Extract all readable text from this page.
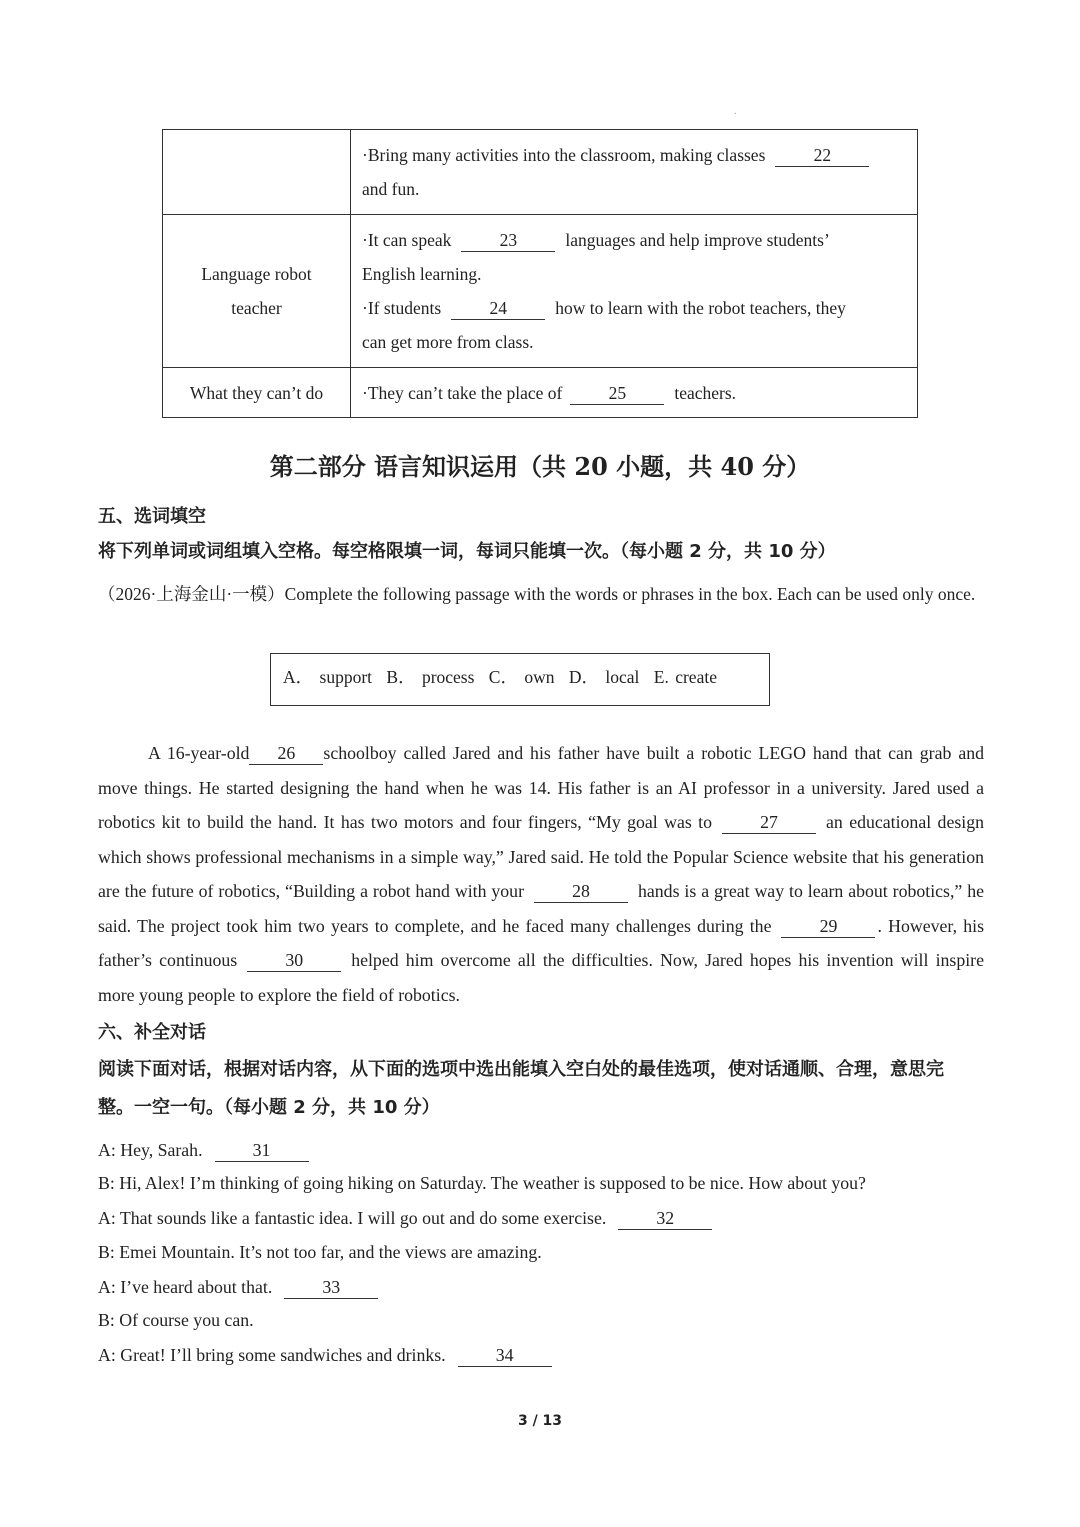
.
	·Bring many activities into the classroom, making classes 22
and fun.
Language robot
teacher	·It can speak 23 languages and help improve students’
English learning.
·If students 24 how to learn with the robot teachers, they
can get more from class.
What they can’t do	·They can’t take the place of 25 teachers.
第二部分 语言知识运用（共 20 小题，共 40 分）
五、选词填空
将下列单词或词组填入空格。每空格限填一词，每词只能填一次。（每小题 2 分，共 10 分）
（2026·上海金山·一模）Complete the following passage with the words or phrases in the box. Each can be used only once.
A． support B． process C． own D． local E. create
A 16-year-old 26 schoolboy called Jared and his father have built a robotic LEGO hand that can grab and move things. He started designing the hand when he was 14. His father is an AI professor in a university. Jared used a robotics kit to build the hand. It has two motors and four fingers, “My goal was to	27	an educational design which shows professional mechanisms in a simple way,” Jared said. He told the Popular Science website that his generation are the future of robotics, “Building a robot hand with your	28	hands is a great way to learn about robotics,” he said. The project took him two years to complete, and he faced many challenges during the	29 . However, his father’s continuous	30	helped him overcome all the difficulties. Now, Jared hopes his invention will inspire more young people to explore the field of robotics.
六、补全对话
阅读下面对话，根据对话内容，从下面的选项中选出能填入空白处的最佳选项，使对话通顺、合理，意思完整。一空一句。（每小题 2 分，共 10 分）
A: Hey, Sarah.	31
B: Hi, Alex! I’m thinking of going hiking on Saturday. The weather is supposed to be nice. How about you?
A: That sounds like a fantastic idea. I will go out and do some exercise.	32
B: Emei Mountain. It’s not too far, and the views are amazing.
A: I’ve heard about that.	33
B: Of course you can.
A: Great! I’ll bring some sandwiches and drinks.	34
3 / 13
